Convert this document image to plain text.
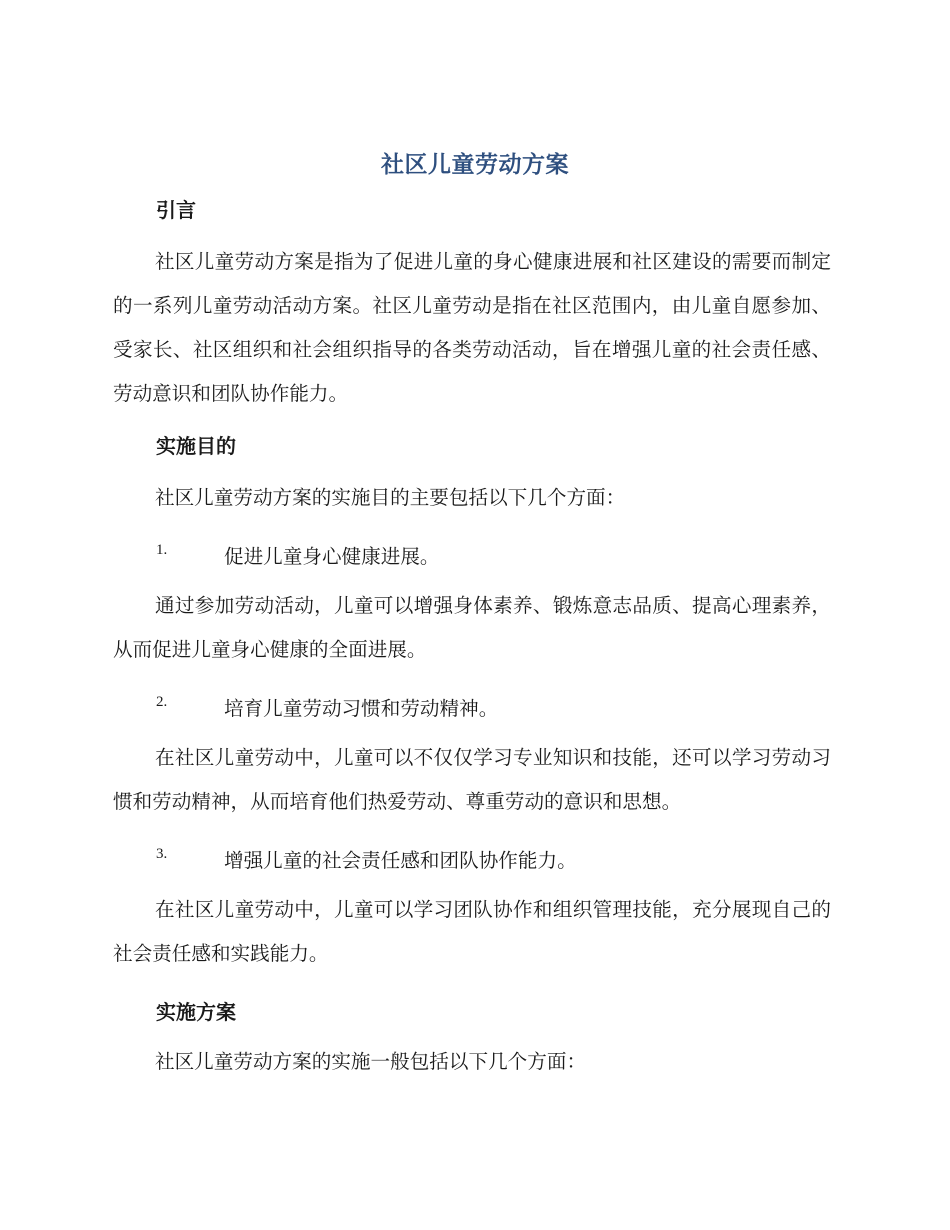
社区儿童劳动方案
引言
社区儿童劳动方案是指为了促进儿童的身心健康进展和社区建设的需要而制定的一系列儿童劳动活动方案。社区儿童劳动是指在社区范围内，由儿童自愿参加、受家长、社区组织和社会组织指导的各类劳动活动，旨在增强儿童的社会责任感、劳动意识和团队协作能力。
实施目的
社区儿童劳动方案的实施目的主要包括以下几个方面：
1.	促进儿童身心健康进展。
通过参加劳动活动，儿童可以增强身体素养、锻炼意志品质、提高心理素养，从而促进儿童身心健康的全面进展。
2.	培育儿童劳动习惯和劳动精神。
在社区儿童劳动中，儿童可以不仅仅学习专业知识和技能，还可以学习劳动习惯和劳动精神，从而培育他们热爱劳动、尊重劳动的意识和思想。
3.	增强儿童的社会责任感和团队协作能力。
在社区儿童劳动中，儿童可以学习团队协作和组织管理技能，充分展现自己的社会责任感和实践能力。
实施方案
社区儿童劳动方案的实施一般包括以下几个方面：
